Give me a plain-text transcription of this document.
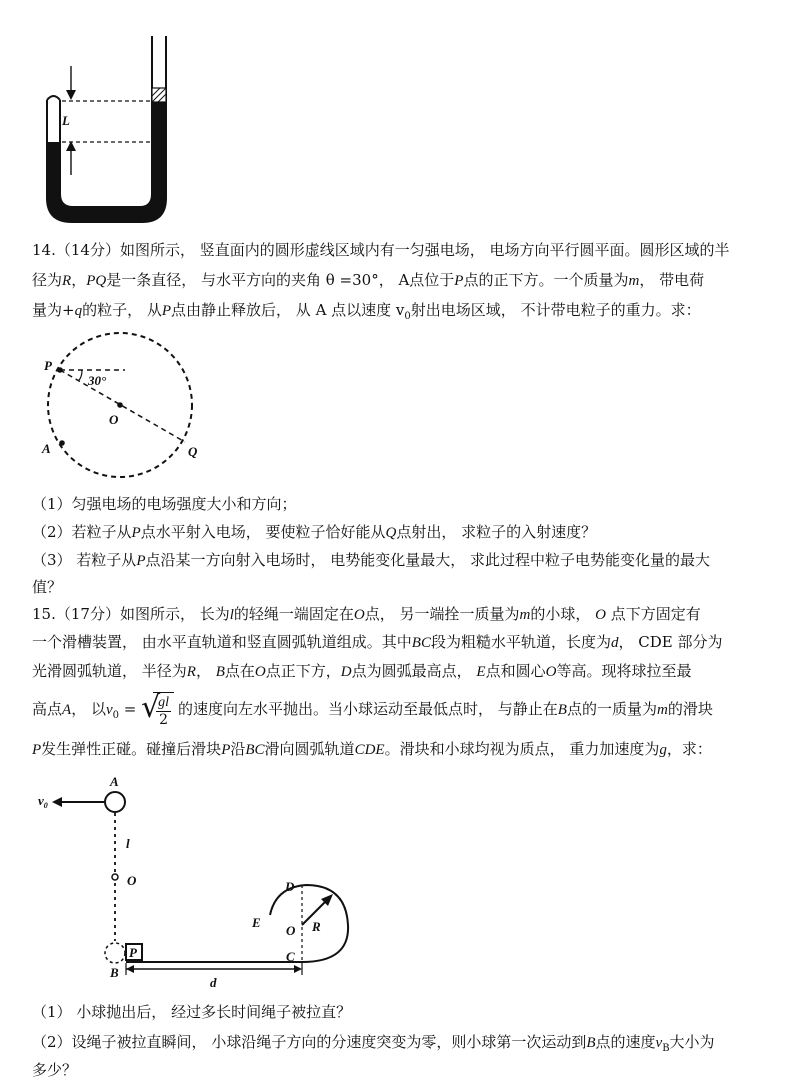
L
14.（14分）如图所示， 竖直面内的圆形虚线区域内有一匀强电场， 电场方向平行圆平面。圆形区域的半
径为R，PQ是一条直径， 与水平方向的夹角 θ =30°， A点位于P点的正下方。一个质量为m， 带电荷
量为+q的粒子， 从P点由静止释放后， 从 A 点以速度 $v_0$射出电场区域， 不计带电粒子的重力。求：
P
30°
O
A	Q
（1）匀强电场的电场强度大小和方向；
（2）若粒子从P点水平射入电场， 要使粒子恰好能从Q点射出， 求粒子的入射速度？
（3） 若粒子从P点沿某一方向射入电场时， 电势能变化量最大， 求此过程中粒子电势能变化量的最大
值？
15.（17分）如图所示， 长为l的轻绳一端固定在O点， 另一端拴一质量为m的小球， O 点下方固定有
一个滑槽装置， 由水平直轨道和竖直圆弧轨道组成。其中BC段为粗糙水平轨道，长度为d， CDE 部分为
光滑圆弧轨道， 半径为R， B点在O点正下方，D点为圆弧最高点， E点和圆心O等高。现将球拉至最
高点A， 以$v_0$ = √
$\frac{gl}{2}$ 的速度向左水平抛出。当小球运动至最低点时， 与静止在B点的一质量为m的滑块
P发生弹性正碰。碰撞后滑块P沿BC滑向圆弧轨道CDE。滑块和小球均视为质点， 重力加速度为g，求：
$v_0$
A
l
O
P
D
E
O R
C
B
d
（1） 小球抛出后， 经过多长时间绳子被拉直？
（2）设绳子被拉直瞬间， 小球沿绳子方向的分速度突变为零，则小球第一次运动到B点的速度$v_B$大小为
多少？
